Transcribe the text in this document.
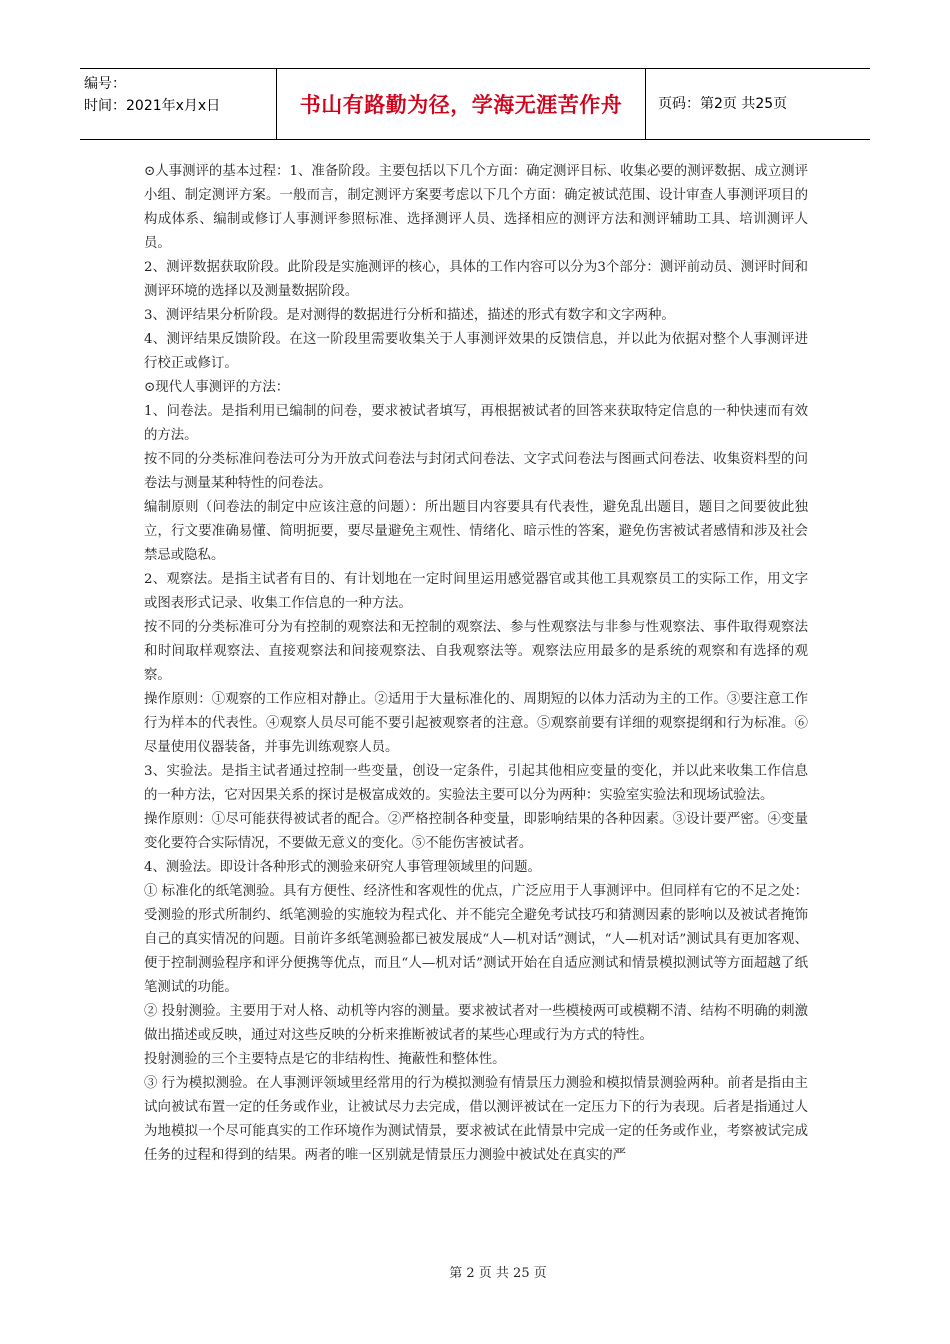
编号：
时间：2021年x月x日	书山有路勤为径，学海无涯苦作舟	页码：第2页 共25页

⊙人事测评的基本过程：1、准备阶段。主要包括以下几个方面：确定测评目标、收集必要的测评数据、成立测评小组、制定测评方案。一般而言，制定测评方案要考虑以下几个方面：确定被试范围、设计审查人事测评项目的构成体系、编制或修订人事测评参照标准、选择测评人员、选择相应的测评方法和测评辅助工具、培训测评人员。

2、测评数据获取阶段。此阶段是实施测评的核心，具体的工作内容可以分为3个部分：测评前动员、测评时间和测评环境的选择以及测量数据阶段。

3、测评结果分析阶段。是对测得的数据进行分析和描述，描述的形式有数字和文字两种。

4、测评结果反馈阶段。在这一阶段里需要收集关于人事测评效果的反馈信息，并以此为依据对整个人事测评进行校正或修订。

⊙现代人事测评的方法：

1、问卷法。是指利用已编制的问卷，要求被试者填写，再根据被试者的回答来获取特定信息的一种快速而有效的方法。

按不同的分类标准问卷法可分为开放式问卷法与封闭式问卷法、文字式问卷法与图画式问卷法、收集资料型的问卷法与测量某种特性的问卷法。

编制原则（问卷法的制定中应该注意的问题）：所出题目内容要具有代表性，避免乱出题目，题目之间要彼此独立，行文要准确易懂、简明扼要，要尽量避免主观性、情绪化、暗示性的答案，避免伤害被试者感情和涉及社会禁忌或隐私。

2、观察法。是指主试者有目的、有计划地在一定时间里运用感觉器官或其他工具观察员工的实际工作，用文字或图表形式记录、收集工作信息的一种方法。

按不同的分类标准可分为有控制的观察法和无控制的观察法、参与性观察法与非参与性观察法、事件取得观察法和时间取样观察法、直接观察法和间接观察法、自我观察法等。观察法应用最多的是系统的观察和有选择的观察。

操作原则：①观察的工作应相对静止。②适用于大量标准化的、周期短的以体力活动为主的工作。③要注意工作行为样本的代表性。④观察人员尽可能不要引起被观察者的注意。⑤观察前要有详细的观察提纲和行为标准。⑥尽量使用仪器装备，并事先训练观察人员。

3、实验法。是指主试者通过控制一些变量，创设一定条件，引起其他相应变量的变化，并以此来收集工作信息的一种方法，它对因果关系的探讨是极富成效的。实验法主要可以分为两种：实验室实验法和现场试验法。

操作原则：①尽可能获得被试者的配合。②严格控制各种变量，即影响结果的各种因素。③设计要严密。④变量变化要符合实际情况，不要做无意义的变化。⑤不能伤害被试者。

4、测验法。即设计各种形式的测验来研究人事管理领域里的问题。

① 标准化的纸笔测验。具有方便性、经济性和客观性的优点，广泛应用于人事测评中。但同样有它的不足之处：受测验的形式所制约、纸笔测验的实施较为程式化、并不能完全避免考试技巧和猜测因素的影响以及被试者掩饰自己的真实情况的问题。目前许多纸笔测验都已被发展成“人—机对话”测试，“人—机对话”测试具有更加客观、便于控制测验程序和评分便携等优点，而且“人—机对话”测试开始在自适应测试和情景模拟测试等方面超越了纸笔测试的功能。

② 投射测验。主要用于对人格、动机等内容的测量。要求被试者对一些模棱两可或模糊不清、结构不明确的刺激做出描述或反映，通过对这些反映的分析来推断被试者的某些心理或行为方式的特性。

投射测验的三个主要特点是它的非结构性、掩蔽性和整体性。

③ 行为模拟测验。在人事测评领域里经常用的行为模拟测验有情景压力测验和模拟情景测验两种。前者是指由主试向被试布置一定的任务或作业，让被试尽力去完成，借以测评被试在一定压力下的行为表现。后者是指通过人为地模拟一个尽可能真实的工作环境作为测试情景，要求被试在此情景中完成一定的任务或作业，考察被试完成任务的过程和得到的结果。两者的唯一区别就是情景压力测验中被试处在真实的严

第 2 页 共 25 页
